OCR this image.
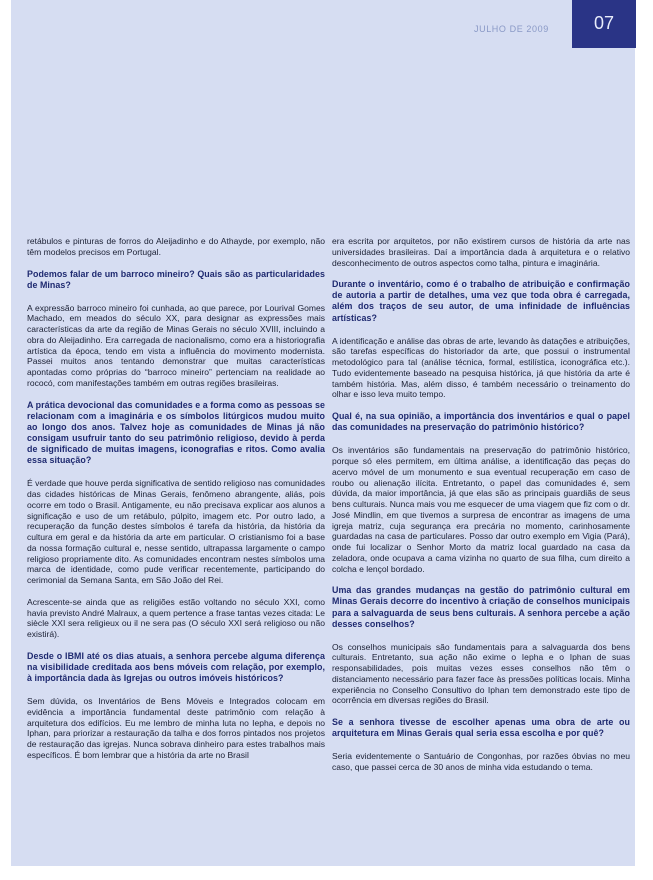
JULHO DE 2009	07

retábulos e pinturas de forros do Aleijadinho e do Athayde, por exemplo, não têm modelos precisos em Portugal.

Podemos falar de um barroco mineiro? Quais são as particularidades de Minas?

A expressão barroco mineiro foi cunhada, ao que parece, por Lourival Gomes Machado, em meados do século XX, para designar as expressões mais características da arte da região de Minas Gerais no século XVIII, incluindo a obra do Aleijadinho. Era carregada de nacionalismo, como era a historiografia artística da época, tendo em vista a influência do movimento modernista. Passei muitos anos tentando demonstrar que muitas características apontadas como próprias do “barroco mineiro” pertenciam na realidade ao rococó, com manifestações também em outras regiões brasileiras.

A prática devocional das comunidades e a forma como as pessoas se relacionam com a imaginária e os símbolos litúrgicos mudou muito ao longo dos anos. Talvez hoje as comunidades de Minas já não consigam usufruir tanto do seu patrimônio religioso, devido à perda de significado de muitas imagens, iconografias e ritos. Como avalia essa situação?

É verdade que houve perda significativa de sentido religioso nas comunidades das cidades históricas de Minas Gerais, fenômeno abrangente, aliás, pois ocorre em todo o Brasil. Antigamente, eu não precisava explicar aos alunos a significação e uso de um retábulo, púlpito, imagem etc. Por outro lado, a recuperação da função destes símbolos é tarefa da história, da história da cultura em geral e da história da arte em particular. O cristianismo foi a base da nossa formação cultural e, nesse sentido, ultrapassa largamente o campo religioso propriamente dito. As comunidades encontram nestes símbolos uma marca de identidade, como pude verificar recentemente, participando do cerimonial da Semana Santa, em São João del Rei.

Acrescente-se ainda que as religiões estão voltando no século XXI, como havia previsto André Malraux, a quem pertence a frase tantas vezes citada: Le siècle XXI sera religieux ou il ne sera pas (O século XXI será religioso ou não existirá).

Desde o IBMI até os dias atuais, a senhora percebe alguma diferença na visibilidade creditada aos bens móveis com relação, por exemplo, à importância dada às Igrejas ou outros imóveis históricos?

Sem dúvida, os Inventários de Bens Móveis e Integrados colocam em evidência a importância fundamental deste patrimônio com relação à arquitetura dos edifícios. Eu me lembro de minha luta no Iepha, e depois no Iphan, para priorizar a restauração da talha e dos forros pintados nos projetos de restauração das igrejas. Nunca sobrava dinheiro para estes trabalhos mais específicos. É bom lembrar que a história da arte no Brasil

era escrita por arquitetos, por não existirem cursos de história da arte nas universidades brasileiras. Daí a importância dada à arquitetura e o relativo desconhecimento de outros aspectos como talha, pintura e imaginária.

Durante o inventário, como é o trabalho de atribuição e confirmação de autoria a partir de detalhes, uma vez que toda obra é carregada, além dos traços de seu autor, de uma infinidade de influências artísticas?

A identificação e análise das obras de arte, levando às datações e atribuições, são tarefas específicas do historiador da arte, que possui o instrumental metodológico para tal (análise técnica, formal, estilística, iconográfica etc.). Tudo evidentemente baseado na pesquisa histórica, já que história da arte é também história. Mas, além disso, é também necessário o treinamento do olhar e isso leva muito tempo.

Qual é, na sua opinião, a importância dos inventários e qual o papel das comunidades na preservação do patrimônio histórico?

Os inventários são fundamentais na preservação do patrimônio histórico, porque só eles permitem, em última análise, a identificação das peças do acervo móvel de um monumento e sua eventual recuperação em caso de roubo ou alienação ilícita. Entretanto, o papel das comunidades é, sem dúvida, da maior importância, já que elas são as principais guardiãs de seus bens culturais. Nunca mais vou me esquecer de uma viagem que fiz com o dr. José Mindlin, em que tivemos a surpresa de encontrar as imagens de uma igreja matriz, cuja segurança era precária no momento, carinhosamente guardadas na casa de particulares. Posso dar outro exemplo em Vigia (Pará), onde fui localizar o Senhor Morto da matriz local guardado na casa da zeladora, onde ocupava a cama vizinha no quarto de sua filha, cum direito a colcha e lençol bordado.

Uma das grandes mudanças na gestão do patrimônio cultural em Minas Gerais decorre do incentivo à criação de conselhos municipais para a salvaguarda de seus bens culturais. A senhora percebe a ação desses conselhos?

Os conselhos municipais são fundamentais para a salvaguarda dos bens culturais. Entretanto, sua ação não exime o Iepha e o Iphan de suas responsabilidades, pois muitas vezes esses conselhos não têm o distanciamento necessário para fazer face às pressões políticas locais. Minha experiência no Conselho Consultivo do Iphan tem demonstrado este tipo de ocorrência em diversas regiões do Brasil.

Se a senhora tivesse de escolher apenas uma obra de arte ou arquitetura em Minas Gerais qual seria essa escolha e por quê?

Seria evidentemente o Santuário de Congonhas, por razões óbvias no meu caso, que passei cerca de 30 anos de minha vida estudando o tema.
